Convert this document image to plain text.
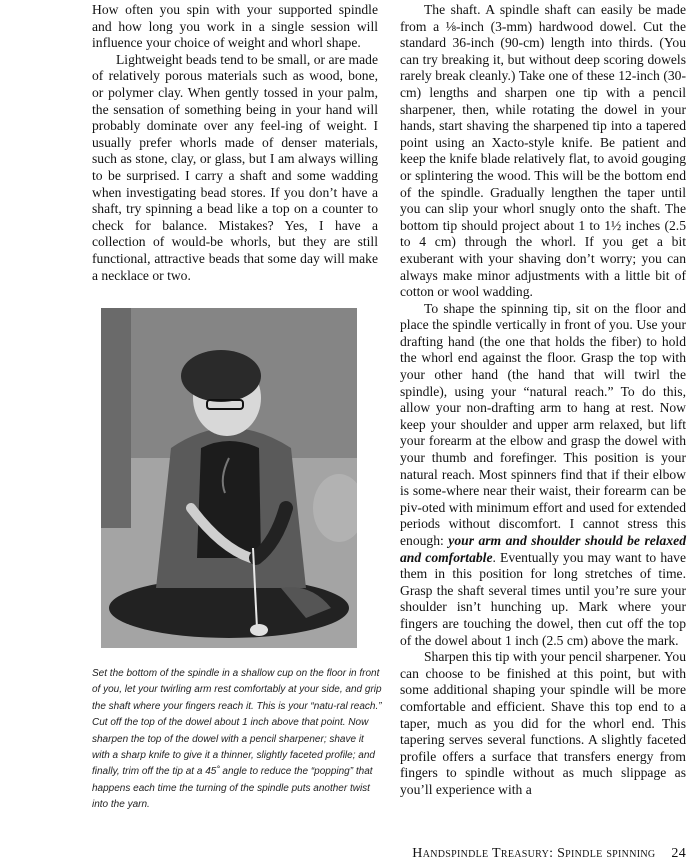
How often you spin with your supported spindle and how long you work in a single session will influence your choice of weight and whorl shape.

Lightweight beads tend to be small, or are made of relatively porous materials such as wood, bone, or polymer clay. When gently tossed in your palm, the sensation of something being in your hand will probably dominate over any feel-ing of weight. I usually prefer whorls made of denser materials, such as stone, clay, or glass, but I am always willing to be surprised. I carry a shaft and some wadding when investigating bead stores. If you don’t have a shaft, try spinning a bead like a top on a counter to check for balance. Mistakes? Yes, I have a collection of would-be whorls, but they are still functional, attractive beads that some day will make a necklace or two.

Set the bottom of the spindle in a shallow cup on the floor in front of you, let your twirling arm rest comfortably at your side, and grip the shaft where your fingers reach it. This is your “natu-ral reach.” Cut off the top of the dowel about 1 inch above that point. Now sharpen the top of the dowel with a pencil sharpener; shave it with a sharp knife to give it a thinner, slightly faceted profile; and finally, trim off the tip at a 45˚ angle to reduce the “popping” that happens each time the turning of the spindle puts another twist into the yarn.

The shaft. A spindle shaft can easily be made from a ⅛-inch (3-mm) hardwood dowel. Cut the standard 36-inch (90-cm) length into thirds. (You can try breaking it, but without deep scoring dowels rarely break cleanly.) Take one of these 12-inch (30-cm) lengths and sharpen one tip with a pencil sharpener, then, while rotating the dowel in your hands, start shaving the sharpened tip into a tapered point using an Xacto-style knife. Be patient and keep the knife blade relatively flat, to avoid gouging or splintering the wood. This will be the bottom end of the spindle. Gradually lengthen the taper until you can slip your whorl snugly onto the shaft. The bottom tip should project about 1 to 1½ inches (2.5 to 4 cm) through the whorl. If you get a bit exuberant with your shaving don’t worry; you can always make minor adjustments with a little bit of cotton or wool wadding.

To shape the spinning tip, sit on the floor and place the spindle vertically in front of you. Use your drafting hand (the one that holds the fiber) to hold the whorl end against the floor. Grasp the top with your other hand (the hand that will twirl the spindle), using your “natural reach.” To do this, allow your non-drafting arm to hang at rest. Now keep your shoulder and upper arm relaxed, but lift your forearm at the elbow and grasp the dowel with your thumb and forefinger. This position is your natural reach. Most spinners find that if their elbow is some-where near their waist, their forearm can be piv-oted with minimum effort and used for extended periods without discomfort. I cannot stress this enough: your arm and shoulder should be relaxed and comfortable. Eventually you may want to have them in this position for long stretches of time. Grasp the shaft several times until you’re sure your shoulder isn’t hunching up. Mark where your fingers are touching the dowel, then cut off the top of the dowel about 1 inch (2.5 cm) above the mark.

Sharpen this tip with your pencil sharpener. You can choose to be finished at this point, but with some additional shaping your spindle will be more comfortable and efficient. Shave this top end to a taper, much as you did for the whorl end. This tapering serves several functions. A slightly faceted profile offers a surface that transfers energy from fingers to spindle without as much slippage as you’ll experience with a

Handspindle Treasury: Spindle spinning 24
